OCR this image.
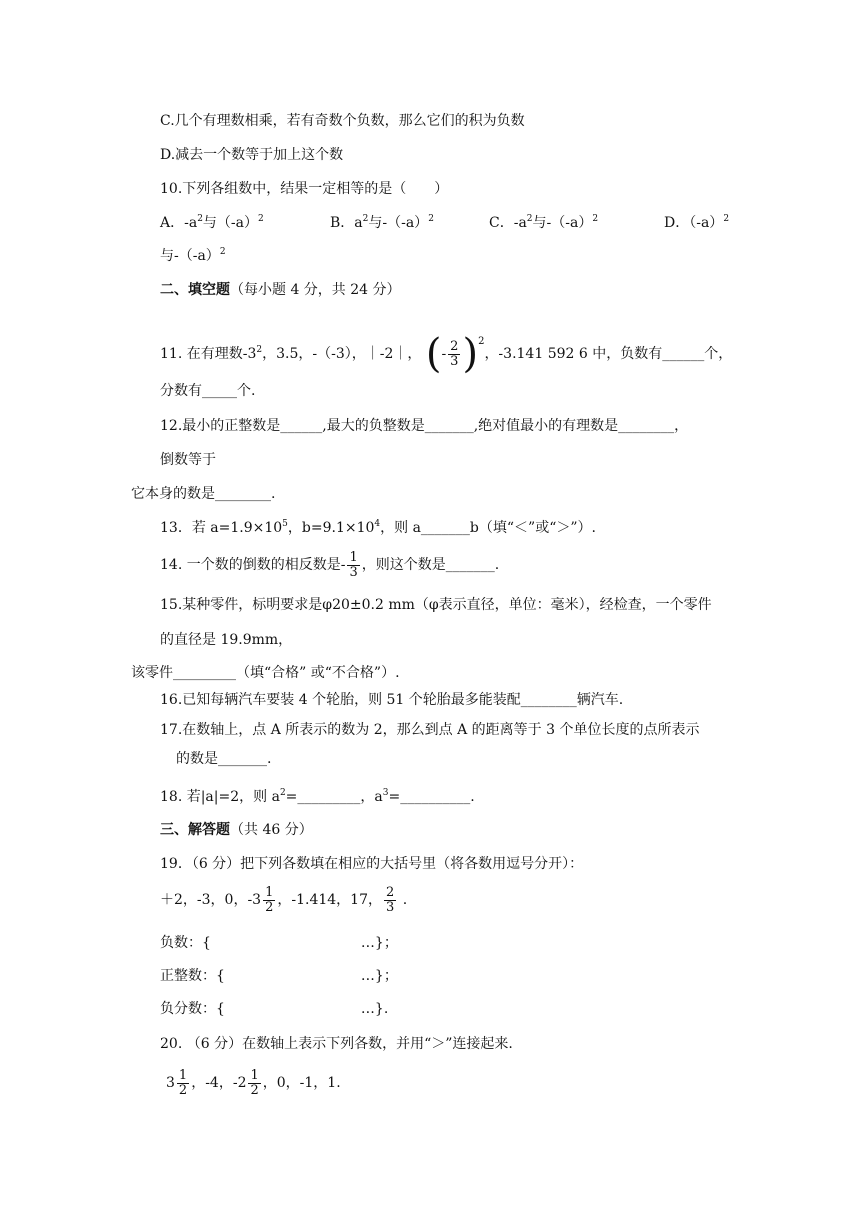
C.几个有理数相乘，若有奇数个负数，那么它们的积为负数
D.减去一个数等于加上这个数
10.下列各组数中，结果一定相等的是（　　）
A．$-a^2$与$(-a)^2$	B．$a^2$与$-(-a)^2$	C．$-a^2$与$-(-a)^2$	D．$(-a)^2$
与$-(-a)^2$
二、填空题（每小题 4 分，共 24 分）
11. 在有理数$-3^2$，3.5，-（-3），｜-2｜， (- $\frac{2}{3} )2$，-3.141 592 6 中，负数有______个，
分数有_____个.
12.最小的正整数是______,最大的负整数是_______,绝对值最小的有理数是________，
倒数等于
它本身的数是________.
13．若 $a=1.9\times 10^5$，$b=9.1\times 10^4$，则 a_______b（填“＜”或“＞”）.
14. 一个数的倒数的相反数是- $\frac{1}{3}$ ，则这个数是_______.
15.某种零件，标明要求是φ20±0.2 mm（φ表示直径，单位：毫米），经检查，一个零件
的直径是 19.9mm，
该零件_________（填“合格” 或“不合格”）.
16.已知每辆汽车要装 4 个轮胎，则 51 个轮胎最多能装配________辆汽车.
17.在数轴上，点 A 所表示的数为 2，那么到点 A 的距离等于 3 个单位长度的点所表示
的数是_______.
18. 若|a|=2，则 $a^2=\_\_\_\_\_\_\_\_\_$，$a^3=\_\_\_\_\_\_\_\_\_\_$.
三、解答题（共 46 分）
19．（6 分）把下列各数填在相应的大括号里（将各数用逗号分开）：
＋2，-3，0，$-3 \frac{1}{2}$ ，-1.414，17， $\frac{2}{3}$ .
负数：{	…}；
正整数：{	…}；
负分数：{	…}.
20. （6 分）在数轴上表示下列各数，并用“＞”连接起来.
$3 \frac{1}{2}$ ，-4，$-2 \frac{1}{2}$ ，0，-1，1.
